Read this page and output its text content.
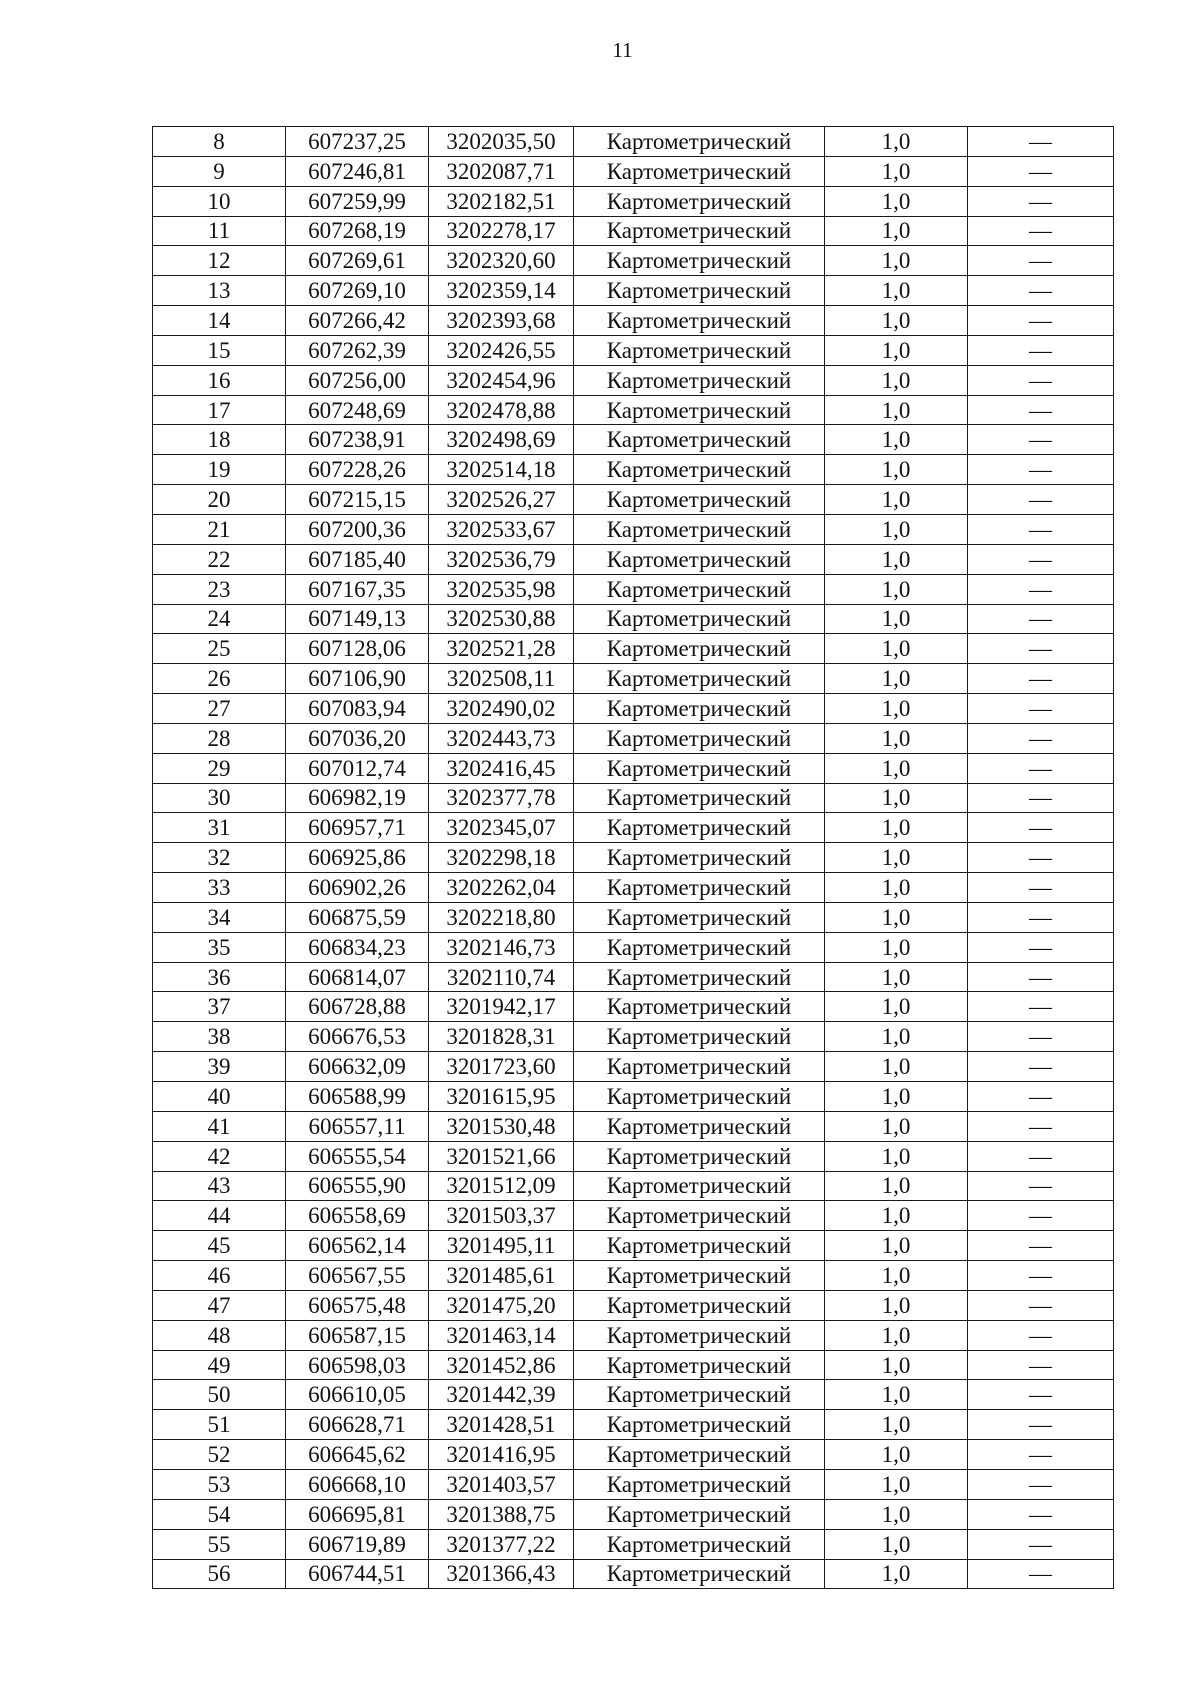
11
8	607237,25	3202035,50	Картометрический	1,0	—
9	607246,81	3202087,71	Картометрический	1,0	—
10	607259,99	3202182,51	Картометрический	1,0	—
11	607268,19	3202278,17	Картометрический	1,0	—
12	607269,61	3202320,60	Картометрический	1,0	—
13	607269,10	3202359,14	Картометрический	1,0	—
14	607266,42	3202393,68	Картометрический	1,0	—
15	607262,39	3202426,55	Картометрический	1,0	—
16	607256,00	3202454,96	Картометрический	1,0	—
17	607248,69	3202478,88	Картометрический	1,0	—
18	607238,91	3202498,69	Картометрический	1,0	—
19	607228,26	3202514,18	Картометрический	1,0	—
20	607215,15	3202526,27	Картометрический	1,0	—
21	607200,36	3202533,67	Картометрический	1,0	—
22	607185,40	3202536,79	Картометрический	1,0	—
23	607167,35	3202535,98	Картометрический	1,0	—
24	607149,13	3202530,88	Картометрический	1,0	—
25	607128,06	3202521,28	Картометрический	1,0	—
26	607106,90	3202508,11	Картометрический	1,0	—
27	607083,94	3202490,02	Картометрический	1,0	—
28	607036,20	3202443,73	Картометрический	1,0	—
29	607012,74	3202416,45	Картометрический	1,0	—
30	606982,19	3202377,78	Картометрический	1,0	—
31	606957,71	3202345,07	Картометрический	1,0	—
32	606925,86	3202298,18	Картометрический	1,0	—
33	606902,26	3202262,04	Картометрический	1,0	—
34	606875,59	3202218,80	Картометрический	1,0	—
35	606834,23	3202146,73	Картометрический	1,0	—
36	606814,07	3202110,74	Картометрический	1,0	—
37	606728,88	3201942,17	Картометрический	1,0	—
38	606676,53	3201828,31	Картометрический	1,0	—
39	606632,09	3201723,60	Картометрический	1,0	—
40	606588,99	3201615,95	Картометрический	1,0	—
41	606557,11	3201530,48	Картометрический	1,0	—
42	606555,54	3201521,66	Картометрический	1,0	—
43	606555,90	3201512,09	Картометрический	1,0	—
44	606558,69	3201503,37	Картометрический	1,0	—
45	606562,14	3201495,11	Картометрический	1,0	—
46	606567,55	3201485,61	Картометрический	1,0	—
47	606575,48	3201475,20	Картометрический	1,0	—
48	606587,15	3201463,14	Картометрический	1,0	—
49	606598,03	3201452,86	Картометрический	1,0	—
50	606610,05	3201442,39	Картометрический	1,0	—
51	606628,71	3201428,51	Картометрический	1,0	—
52	606645,62	3201416,95	Картометрический	1,0	—
53	606668,10	3201403,57	Картометрический	1,0	—
54	606695,81	3201388,75	Картометрический	1,0	—
55	606719,89	3201377,22	Картометрический	1,0	—
56	606744,51	3201366,43	Картометрический	1,0	—
